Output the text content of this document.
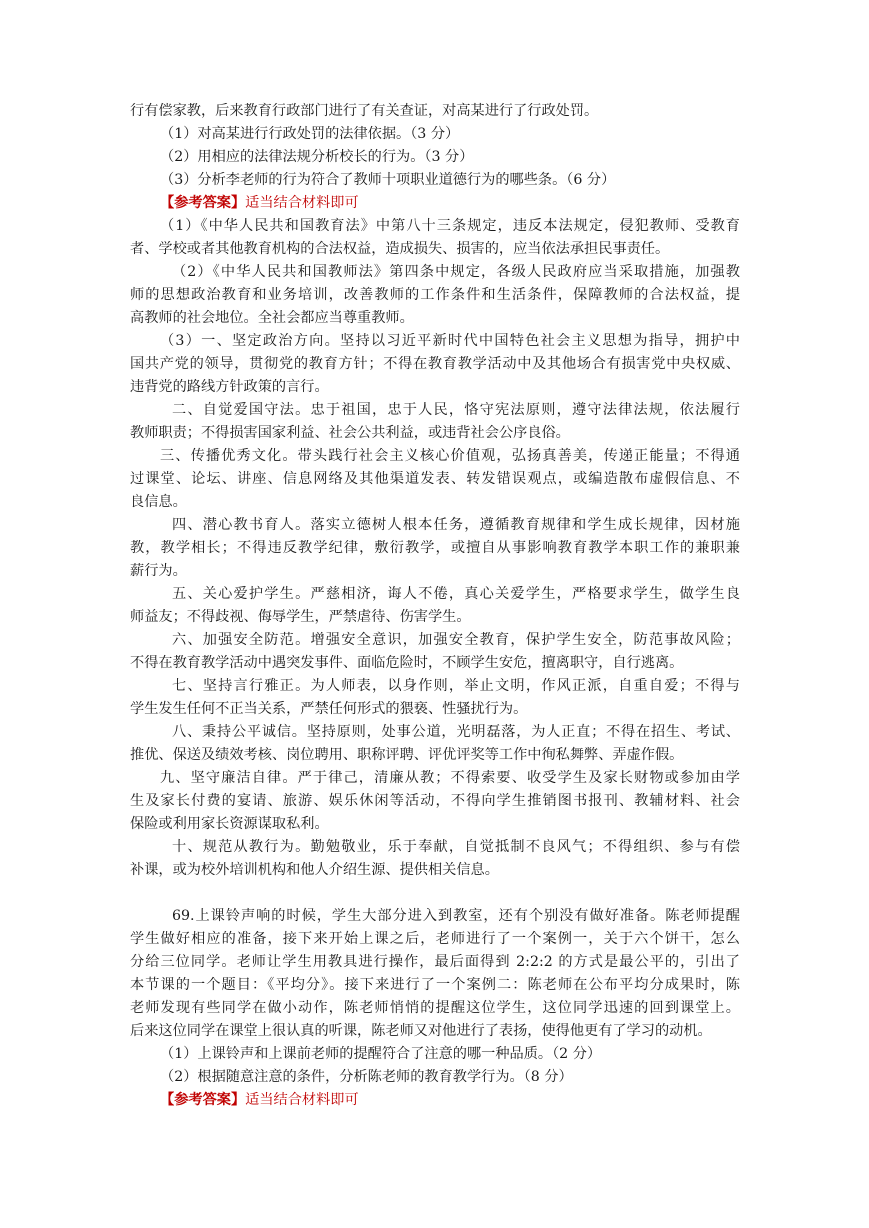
行有偿家教，后来教育行政部门进行了有关查证，对高某进行了行政处罚。
（1）对高某进行行政处罚的法律依据。（3 分）
（2）用相应的法律法规分析校长的行为。（3 分）
（3）分析李老师的行为符合了教师十项职业道德行为的哪些条。（6 分）
【参考答案】适当结合材料即可
（1）《中华人民共和国教育法》中第八十三条规定，违反本法规定，侵犯教师、受教育
者、学校或者其他教育机构的合法权益，造成损失、损害的，应当依法承担民事责任。
（2）《中华人民共和国教师法》第四条中规定，各级人民政府应当采取措施，加强教
师的思想政治教育和业务培训，改善教师的工作条件和生活条件，保障教师的合法权益，提
高教师的社会地位。全社会都应当尊重教师。
（3）一、坚定政治方向。坚持以习近平新时代中国特色社会主义思想为指导，拥护中
国共产党的领导，贯彻党的教育方针；不得在教育教学活动中及其他场合有损害党中央权威、
违背党的路线方针政策的言行。
二、自觉爱国守法。忠于祖国，忠于人民，恪守宪法原则，遵守法律法规，依法履行
教师职责；不得损害国家利益、社会公共利益，或违背社会公序良俗。
三、传播优秀文化。带头践行社会主义核心价值观，弘扬真善美，传递正能量；不得通
过课堂、论坛、讲座、信息网络及其他渠道发表、转发错误观点，或编造散布虚假信息、不
良信息。
四、潜心教书育人。落实立德树人根本任务，遵循教育规律和学生成长规律，因材施
教，教学相长；不得违反教学纪律，敷衍教学，或擅自从事影响教育教学本职工作的兼职兼
薪行为。
五、关心爱护学生。严慈相济，诲人不倦，真心关爱学生，严格要求学生，做学生良
师益友；不得歧视、侮辱学生，严禁虐待、伤害学生。
六、加强安全防范。增强安全意识，加强安全教育，保护学生安全，防范事故风险；
不得在教育教学活动中遇突发事件、面临危险时，不顾学生安危，擅离职守，自行逃离。
七、坚持言行雅正。为人师表，以身作则，举止文明，作风正派，自重自爱；不得与
学生发生任何不正当关系，严禁任何形式的猥亵、性骚扰行为。
八、秉持公平诚信。坚持原则，处事公道，光明磊落，为人正直；不得在招生、考试、
推优、保送及绩效考核、岗位聘用、职称评聘、评优评奖等工作中徇私舞弊、弄虚作假。
九、坚守廉洁自律。严于律己，清廉从教；不得索要、收受学生及家长财物或参加由学
生及家长付费的宴请、旅游、娱乐休闲等活动，不得向学生推销图书报刊、教辅材料、社会
保险或利用家长资源谋取私利。
十、规范从教行为。勤勉敬业，乐于奉献，自觉抵制不良风气；不得组织、参与有偿
补课，或为校外培训机构和他人介绍生源、提供相关信息。
69.上课铃声响的时候，学生大部分进入到教室，还有个别没有做好准备。陈老师提醒
学生做好相应的准备，接下来开始上课之后，老师进行了一个案例一，关于六个饼干，怎么
分给三位同学。老师让学生用教具进行操作，最后面得到 2:2:2 的方式是最公平的，引出了
本节课的一个题目：《平均分》。接下来进行了一个案例二：陈老师在公布平均分成果时，陈
老师发现有些同学在做小动作，陈老师悄悄的提醒这位学生，这位同学迅速的回到课堂上。
后来这位同学在课堂上很认真的听课，陈老师又对他进行了表扬，使得他更有了学习的动机。
（1）上课铃声和上课前老师的提醒符合了注意的哪一种品质。（2 分）
（2）根据随意注意的条件，分析陈老师的教育教学行为。（8 分）
【参考答案】适当结合材料即可
